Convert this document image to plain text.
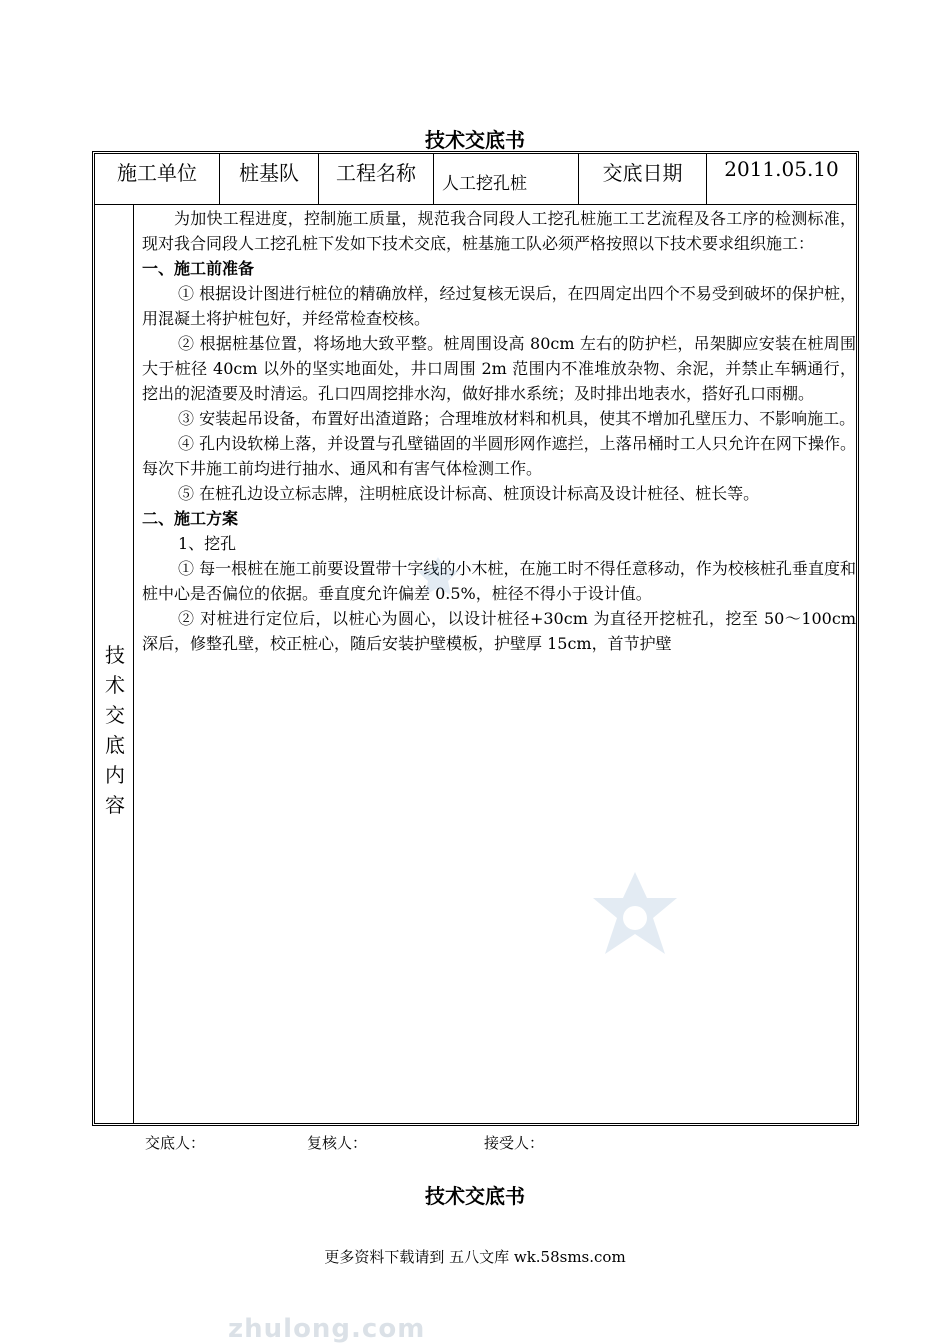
技术交底书
施工单位	桩基队	工程名称	人工挖孔桩	交底日期	2011.05.10
技
术
交
底
内
容

为加快工程进度，控制施工质量，规范我合同段人工挖孔桩施工工艺流程及各工序的检测标准，现对我合同段人工挖孔桩下发如下技术交底，桩基施工队必须严格按照以下技术要求组织施工：

一、施工前准备

① 根据设计图进行桩位的精确放样，经过复核无误后，在四周定出四个不易受到破坏的保护桩，用混凝土将护桩包好，并经常检查校核。

② 根据桩基位置，将场地大致平整。桩周围设高 80cm 左右的防护栏，吊架脚应安装在桩周围大于桩径 40cm 以外的坚实地面处，井口周围 2m 范围内不准堆放杂物、余泥，并禁止车辆通行，挖出的泥渣要及时清运。孔口四周挖排水沟，做好排水系统；及时排出地表水，搭好孔口雨棚。

③ 安装起吊设备，布置好出渣道路；合理堆放材料和机具，使其不增加孔壁压力、不影响施工。

④ 孔内设软梯上落，并设置与孔壁锚固的半圆形网作遮拦，上落吊桶时工人只允许在网下操作。每次下井施工前均进行抽水、通风和有害气体检测工作。

⑤ 在桩孔边设立标志牌，注明桩底设计标高、桩顶设计标高及设计桩径、桩长等。

二、施工方案

1、挖孔

① 每一根桩在施工前要设置带十字线的小木桩，在施工时不得任意移动，作为校核桩孔垂直度和桩中心是否偏位的依据。垂直度允许偏差 0.5%，桩径不得小于设计值。

② 对桩进行定位后，以桩心为圆心，以设计桩径+30cm 为直径开挖桩孔，挖至 50～100cm 深后，修整孔壁，校正桩心，随后安装护壁模板，护壁厚 15cm，首节护壁

交底人：	复核人：	接受人：
技术交底书
更多资料下载请到 五八文库 wk.58sms.com
zhulong.com
